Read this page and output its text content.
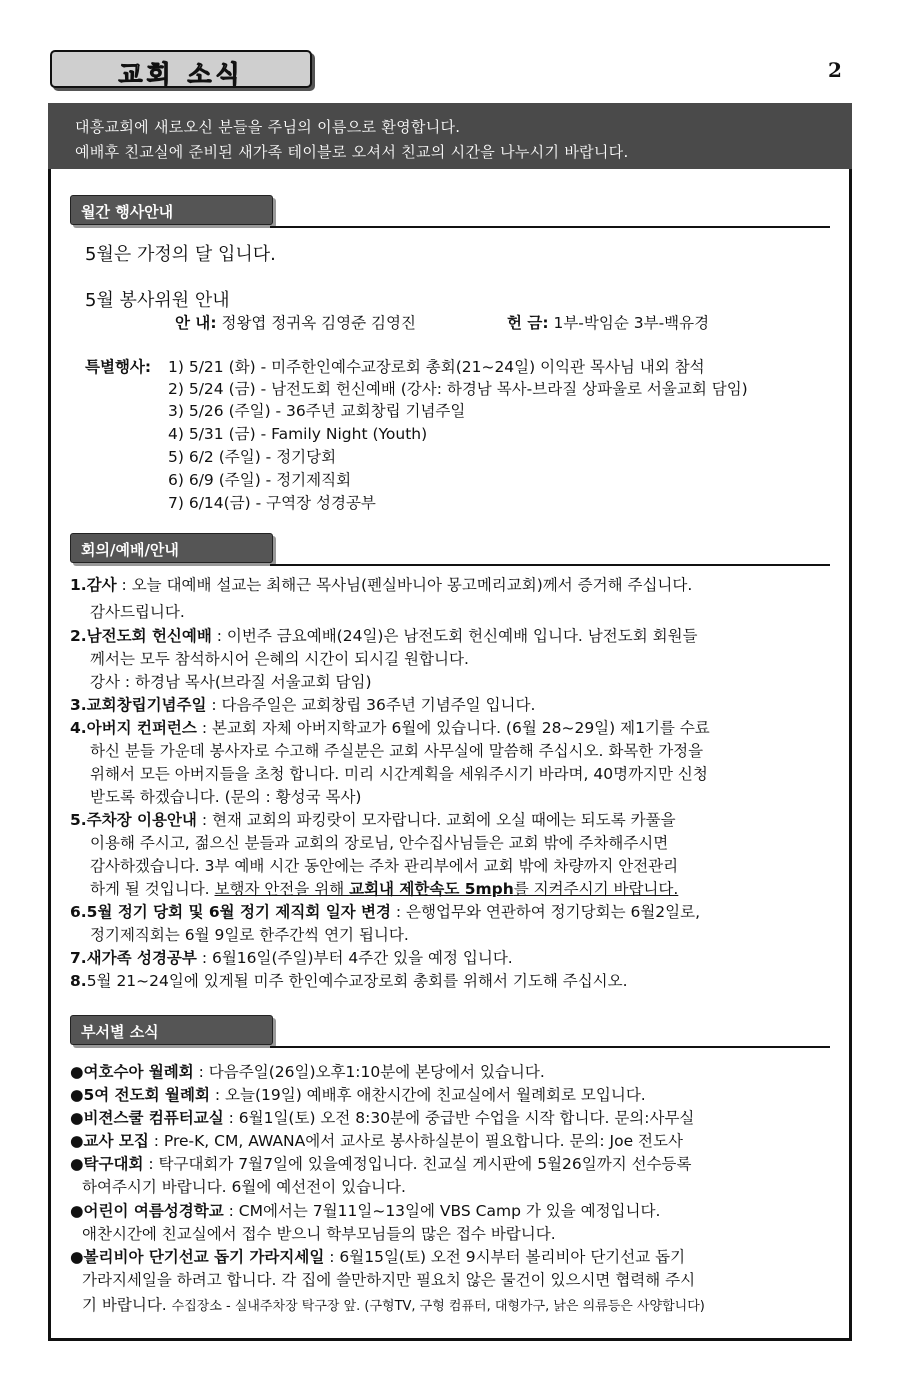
교회 소식	2
대흥교회에 새로오신 분들을 주님의 이름으로 환영합니다.
예배후 친교실에 준비된 새가족 테이블로 오셔서 친교의 시간을 나누시기 바랍니다.
월간 행사안내
5월은 가정의 달 입니다.
5월 봉사위원 안내
안 내: 정왕엽 정귀옥 김영준 김영진	헌 금: 1부-박임순 3부-백유경
특별행사: 1) 5/21 (화) - 미주한인예수교장로회 총회(21~24일) 이익관 목사님 내외 참석
2) 5/24 (금) - 남전도회 헌신예배 (강사: 하경남 목사-브라질 상파울로 서울교회 담임)
3) 5/26 (주일) - 36주년 교회창립 기념주일
4) 5/31 (금) - Family Night (Youth)
5) 6/2 (주일) - 정기당회
6) 6/9 (주일) - 정기제직회
7) 6/14(금) - 구역장 성경공부
회의/예배/안내
1.감사 : 오늘 대예배 설교는 최해근 목사님(펜실바니아 몽고메리교회)께서 증거해 주십니다.
감사드립니다.
2.남전도회 헌신예배 : 이번주 금요예배(24일)은 남전도회 헌신예배 입니다. 남전도회 회원들
께서는 모두 참석하시어 은혜의 시간이 되시길 원합니다.
강사 : 하경남 목사(브라질 서울교회 담임)
3.교회창립기념주일 : 다음주일은 교회창립 36주년 기념주일 입니다.
4.아버지 컨퍼런스 : 본교회 자체 아버지학교가 6월에 있습니다. (6월 28~29일) 제1기를 수료
하신 분들 가운데 봉사자로 수고해 주실분은 교회 사무실에 말씀해 주십시오. 화목한 가정을
위해서 모든 아버지들을 초청 합니다. 미리 시간계획을 세워주시기 바라며, 40명까지만 신청
받도록 하겠습니다. (문의 : 황성국 목사)
5.주차장 이용안내 : 현재 교회의 파킹랏이 모자랍니다. 교회에 오실 때에는 되도록 카풀을
이용해 주시고, 젊으신 분들과 교회의 장로님, 안수집사님들은 교회 밖에 주차해주시면
감사하겠습니다. 3부 예배 시간 동안에는 주차 관리부에서 교회 밖에 차량까지 안전관리
하게 될 것입니다. 보행자 안전을 위해 교회내 제한속도 5mph를 지켜주시기 바랍니다.
6.5월 정기 당회 및 6월 정기 제직회 일자 변경 : 은행업무와 연관하여 정기당회는 6월2일로,
정기제직회는 6월 9일로 한주간씩 연기 됩니다.
7.새가족 성경공부 : 6월16일(주일)부터 4주간 있을 예정 입니다.
8.5월 21~24일에 있게될 미주 한인예수교장로회 총회를 위해서 기도해 주십시오.
부서별 소식
●여호수아 월례회 : 다음주일(26일)오후1:10분에 본당에서 있습니다.
●5여 전도회 월례회 : 오늘(19일) 예배후 애찬시간에 친교실에서 월례회로 모입니다.
●비젼스쿨 컴퓨터교실 : 6월1일(토) 오전 8:30분에 중급반 수업을 시작 합니다. 문의:사무실
●교사 모집 : Pre-K, CM, AWANA에서 교사로 봉사하실분이 필요합니다. 문의: Joe 전도사
●탁구대회 : 탁구대회가 7월7일에 있을예정입니다. 친교실 게시판에 5월26일까지 선수등록
하여주시기 바랍니다. 6월에 예선전이 있습니다.
●어린이 여름성경학교 : CM에서는 7월11일~13일에 VBS Camp 가 있을 예정입니다.
애찬시간에 친교실에서 접수 받으니 학부모님들의 많은 접수 바랍니다.
●볼리비아 단기선교 돕기 가라지세일 : 6월15일(토) 오전 9시부터 볼리비아 단기선교 돕기
가라지세일을 하려고 합니다. 각 집에 쓸만하지만 필요치 않은 물건이 있으시면 협력해 주시
기 바랍니다. 수집장소 - 실내주차장 탁구장 앞. (구형TV, 구형 컴퓨터, 대형가구, 낡은 의류등은 사양합니다)
